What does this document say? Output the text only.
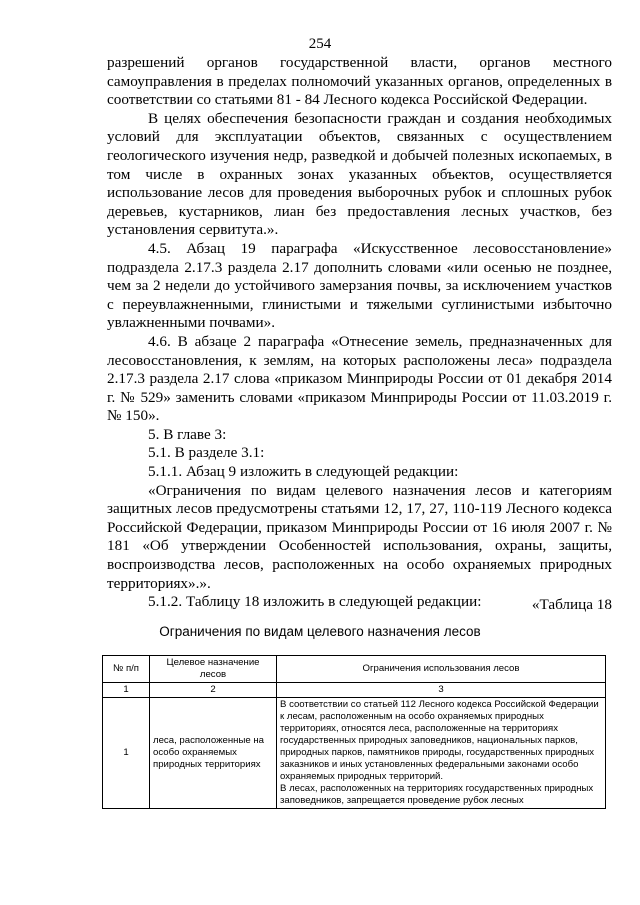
254

разрешений органов государственной власти, органов местного самоуправления в пределах полномочий указанных органов, определенных в соответствии со статьями 81 - 84 Лесного кодекса Российской Федерации.

В целях обеспечения безопасности граждан и создания необходимых условий для эксплуатации объектов, связанных с осуществлением геологического изучения недр, разведкой и добычей полезных ископаемых, в том числе в охранных зонах указанных объектов, осуществляется использование лесов для проведения выборочных рубок и сплошных рубок деревьев, кустарников, лиан без предоставления лесных участков, без установления сервитута.».

4.5. Абзац 19 параграфа «Искусственное лесовосстановление» подраздела 2.17.3 раздела 2.17 дополнить словами «или осенью не позднее, чем за 2 недели до устойчивого замерзания почвы, за исключением участков с переувлажненными, глинистыми и тяжелыми суглинистыми избыточно увлажненными почвами».

4.6. В абзаце 2 параграфа «Отнесение земель, предназначенных для лесовосстановления, к землям, на которых расположены леса» подраздела 2.17.3 раздела 2.17 слова «приказом Минприроды России от 01 декабря 2014 г. № 529» заменить словами «приказом Минприроды России от 11.03.2019 г. № 150».

5. В главе 3:

5.1. В разделе 3.1:

5.1.1. Абзац 9 изложить в следующей редакции:

«Ограничения по видам целевого назначения лесов и категориям защитных лесов предусмотрены статьями 12, 17, 27, 110-119 Лесного кодекса Российской Федерации, приказом Минприроды России от 16 июля 2007 г. № 181 «Об утверждении Особенностей использования, охраны, защиты, воспроизводства лесов, расположенных на особо охраняемых природных территориях».».

5.1.2. Таблицу 18 изложить в следующей редакции:	«Таблица 18
Ограничения по видам целевого назначения лесов
№ п/п	Целевое назначение лесов	Ограничения использования лесов
1	2	3
1	леса, расположенные на особо охраняемых природных территориях	В соответствии со статьей 112 Лесного кодекса Российской Федерации к лесам, расположенным на особо охраняемых природных территориях, относятся леса, расположенные на территориях государственных природных заповедников, национальных парков, природных парков, памятников природы, государственных природных заказников и иных установленных федеральными законами особо охраняемых природных территорий.
В лесах, расположенных на территориях государственных природных заповедников, запрещается проведение рубок лесных
